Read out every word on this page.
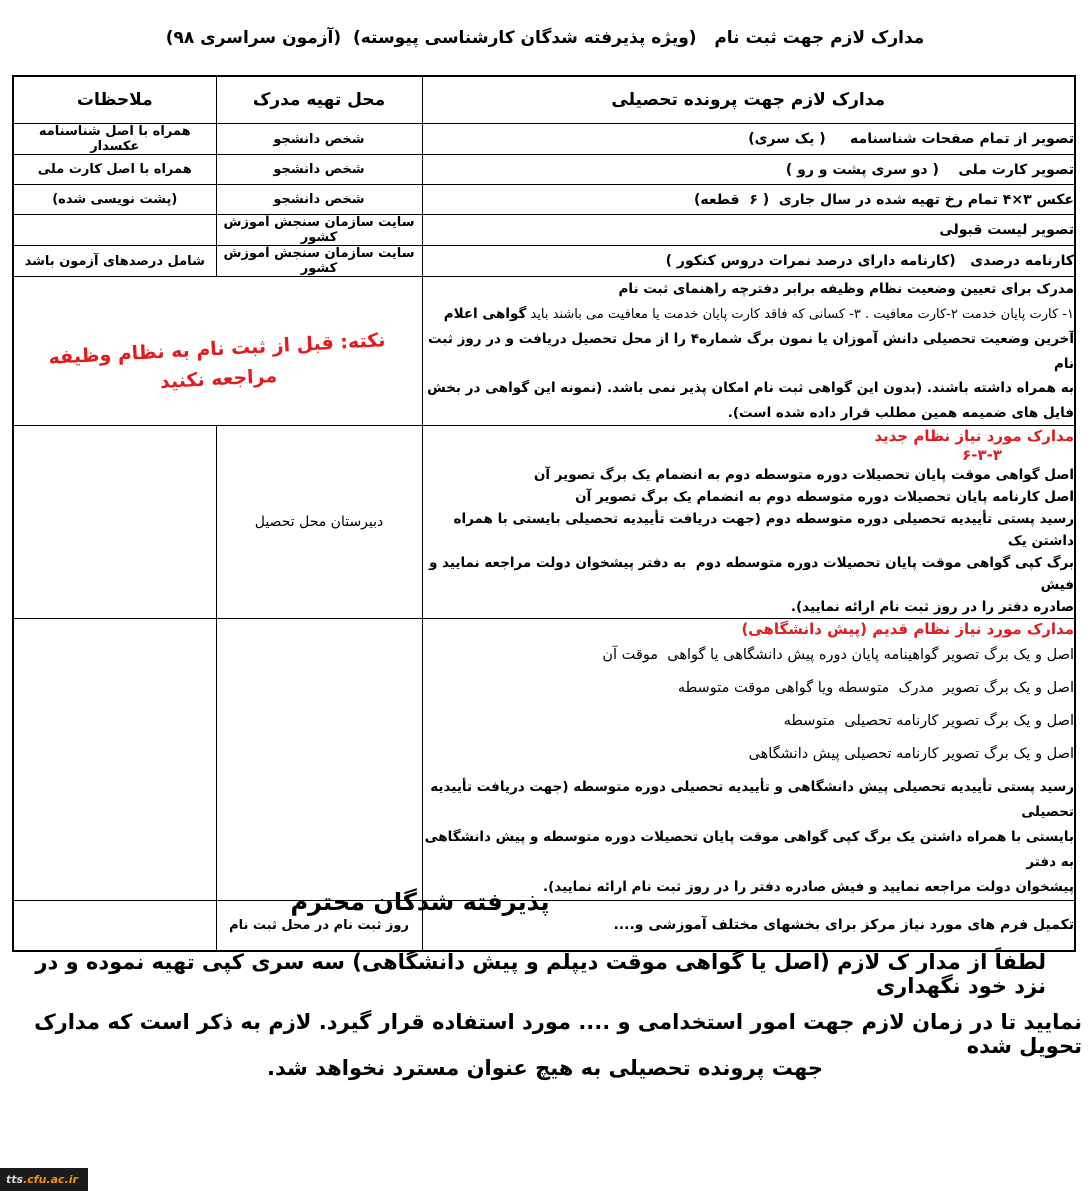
مدارک لازم جهت ثبت نام   (ویژه پذیرفته شدگان کارشناسی پیوسته)  (آزمون سراسری ۹۸)
مدارک لازم جهت پرونده تحصیلی	محل تهیه مدرک	ملاحظات
تصویر از تمام صفحات شناسنامه     ( یک سری)	شخص دانشجو	همراه با اصل شناسنامه عکسدار
تصویر کارت ملی    ( دو سری پشت و رو )	شخص دانشجو	همراه با اصل کارت ملی
عکس ۳×۴ تمام رخ تهیه شده در سال جاری  ( ۶  قطعه)	شخص دانشجو	(پشت نویسی شده)
تصویر لیست قبولی	سایت سازمان سنجش آموزش کشور	
کارنامه درصدی   (کارنامه دارای درصد نمرات دروس کنکور )	سایت سازمان سنجش آموزش کشور	شامل درصدهای آزمون باشد

مدرک برای تعیین وضعیت نظام وظیفه برابر دفترچه راهنمای ثبت نام
۱- کارت پایان خدمت ۲-کارت معافیت . ۳- کسانی که فاقد کارت پایان خدمت یا معافیت می باشند باید گواهی اعلام
آخرین وضعیت تحصیلی دانش آموزان یا نمون برگ شماره۴ را از محل تحصیل دریافت و در روز ثبت نام
به همراه داشته باشند. (بدون این گواهی ثبت نام امکان پذیر نمی باشد. (نمونه این گواهی در بخش
فایل های ضمیمه همین مطلب قرار داده شده است).

نکته: قبل از ثبت نام به نظام وظیفه
مراجعه نکنید

مدارک مورد نیاز نظام جدید
۶-۳-۳
اصل گواهی موقت پایان تحصیلات دوره متوسطه دوم به انضمام یک برگ تصویر آن
اصل کارنامه پایان تحصیلات دوره متوسطه دوم به انضمام یک برگ تصویر آن
رسید پستی تأییدیه تحصیلی دوره متوسطه دوم (جهت دریافت تأییدیه تحصیلی بایستی با همراه داشتن یک
برگ کپی گواهی موقت پایان تحصیلات دوره متوسطه دوم  به دفتر پیشخوان دولت مراجعه نمایید و فیش
صادره دفتر را در روز ثبت نام ارائه نمایید).
	دبیرستان محل تحصیل	

مدارک مورد نیاز نظام قدیم (پیش دانشگاهی)
اصل و یک برگ تصویر گواهینامه پایان دوره پیش دانشگاهی یا گواهی  موقت آن
اصل و یک برگ تصویر  مدرک  متوسطه ویا گواهی موقت متوسطه
اصل و یک برگ تصویر کارنامه تحصیلی  متوسطه
اصل و یک برگ تصویر کارنامه تحصیلی پیش دانشگاهی
رسید پستی تأییدیه تحصیلی پیش دانشگاهی و تأییدیه تحصیلی دوره متوسطه (جهت دریافت تأییدیه تحصیلی
بایستی با همراه داشتن یک برگ کپی گواهی موقت پایان تحصیلات دوره متوسطه و پیش دانشگاهی به دفتر
پیشخوان دولت مراجعه نمایید و فیش صادره دفتر را در روز ثبت نام ارائه نمایید).

تکمیل فرم های مورد نیاز مرکز برای بخشهای مختلف آموزشی و....	روز ثبت نام در محل ثبت نام	
پذیرفته شدگان محترم
لطفاً از مدار ک لازم (اصل یا گواهی موقت دیپلم و پیش دانشگاهی) سه سری کپی تهیه نموده و در نزد خود نگهداری
نمایید تا در زمان لازم جهت امور استخدامی و .... مورد استفاده قرار گیرد. لازم به ذکر است که مدارک تحویل شده
جهت پرونده تحصیلی به هیچ عنوان مسترد نخواهد شد.
tts.cfu.ac.ir
